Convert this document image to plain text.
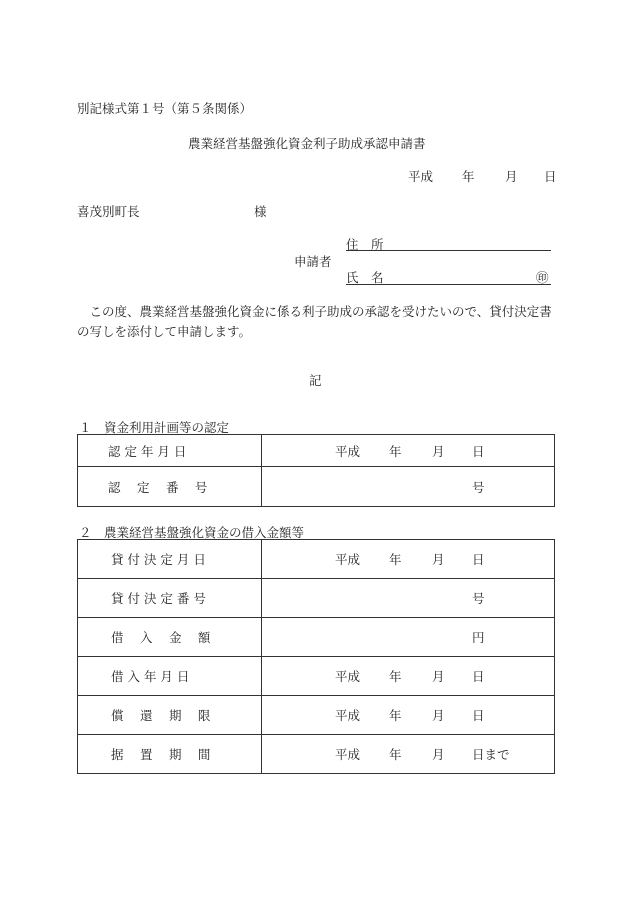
別記様式第１号（第５条関係）
農業経営基盤強化資金利子助成承認申請書
平成 年 月 日
喜茂別町長	様
住　所
申請者
氏　名	㊞
　この度、農業経営基盤強化資金に係る利子助成の承認を受けたいので、貸付決定書の写しを添付して申請します。
記
１　資金利用計画等の認定
認 定 年 月 日	平成 年 月 日

認　 定　 番　 号	号
２　農業経営基盤強化資金の借入金額等
貸 付 決 定 月 日	平成 年 月 日

貸 付 決 定 番 号	号

借　 入　 金　 額	円

借 入 年 月 日	平成 年 月 日

償　 還　 期　 限	平成 年 月 日

据　 置　 期　 間	平成 年 月 日まで
